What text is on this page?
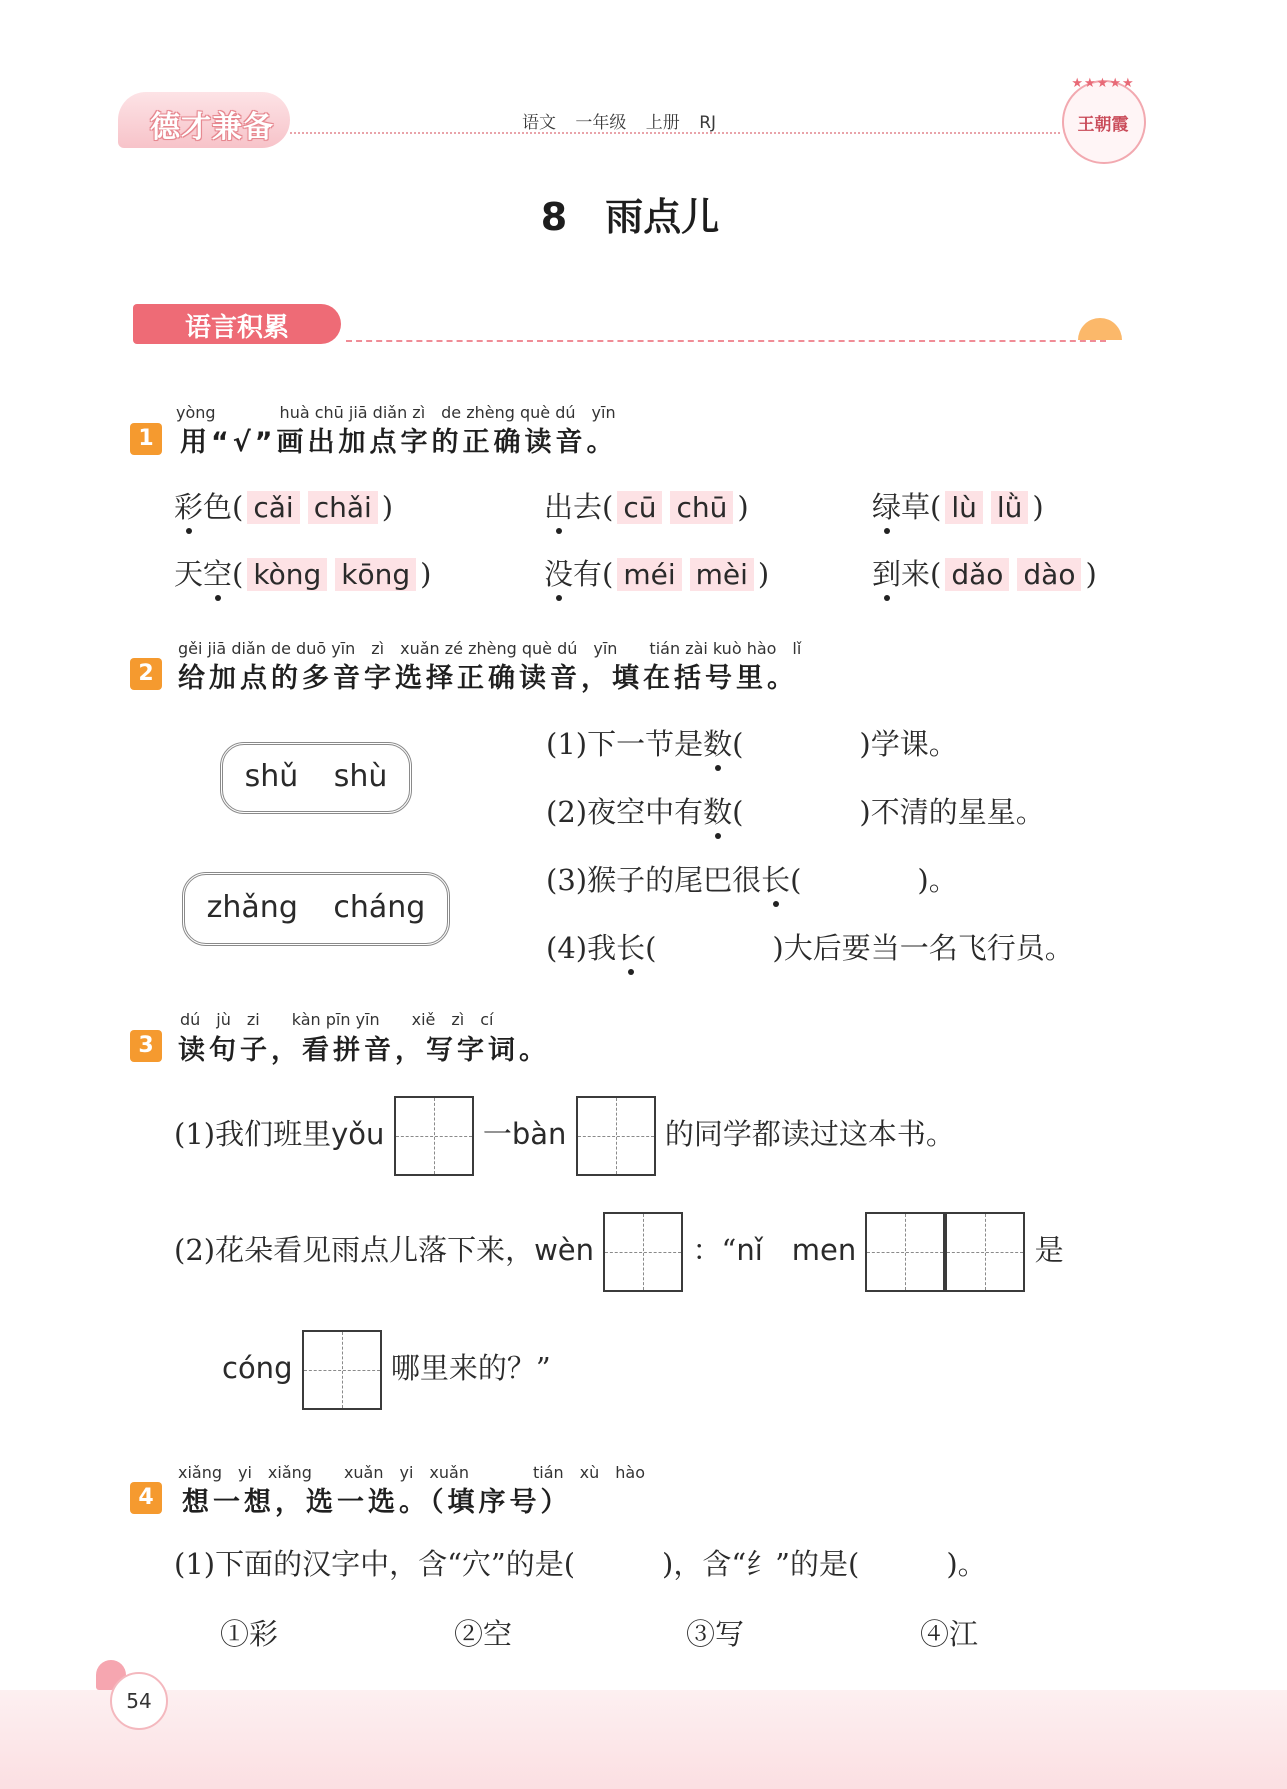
德才兼备	语文 一年级 上册 RJ
★★★★★
王朝霞
8　雨点儿
语言积累
yòng　　　　huà chū jiā diǎn zì　de zhèng què dú　yīn
1 用“√”画出加点字的正确读音。
彩色( cǎi chǎi )	出去( cū chū )	绿草( lù lǜ )
天空( kòng kōng )	没有( méi mèi )	到来( dǎo dào )
gěi jiā diǎn de duō yīn　zì　xuǎn zé zhèng què dú　yīn　　tián zài kuò hào　lǐ
2 给加点的多音字选择正确读音，填在括号里。
shǔ shù
zhǎng cháng
(1)下一节是数(　　　　)学课。
(2)夜空中有数(　　　　)不清的星星。
(3)猴子的尾巴很长(　　　　)。
(4)我长(　　　　)大后要当一名飞行员。
dú　jù　zi　　kàn pīn yīn　　xiě　zì　cí
3 读句子，看拼音，写字词。
(1)我们班里yǒu	一bàn	的同学都读过这本书。
(2)花朵看见雨点儿落下来，wèn	：“nǐ　men	是
cóng	哪里来的？”
xiǎng　yi　xiǎng　　xuǎn　yi　xuǎn　　　　tián　xù　hào
4	想一想，选一选。（填序号）
(1)下面的汉字中，含“穴”的是(　　　)，含“纟”的是(　　　)。
①彩	②空	③写	④江
54
